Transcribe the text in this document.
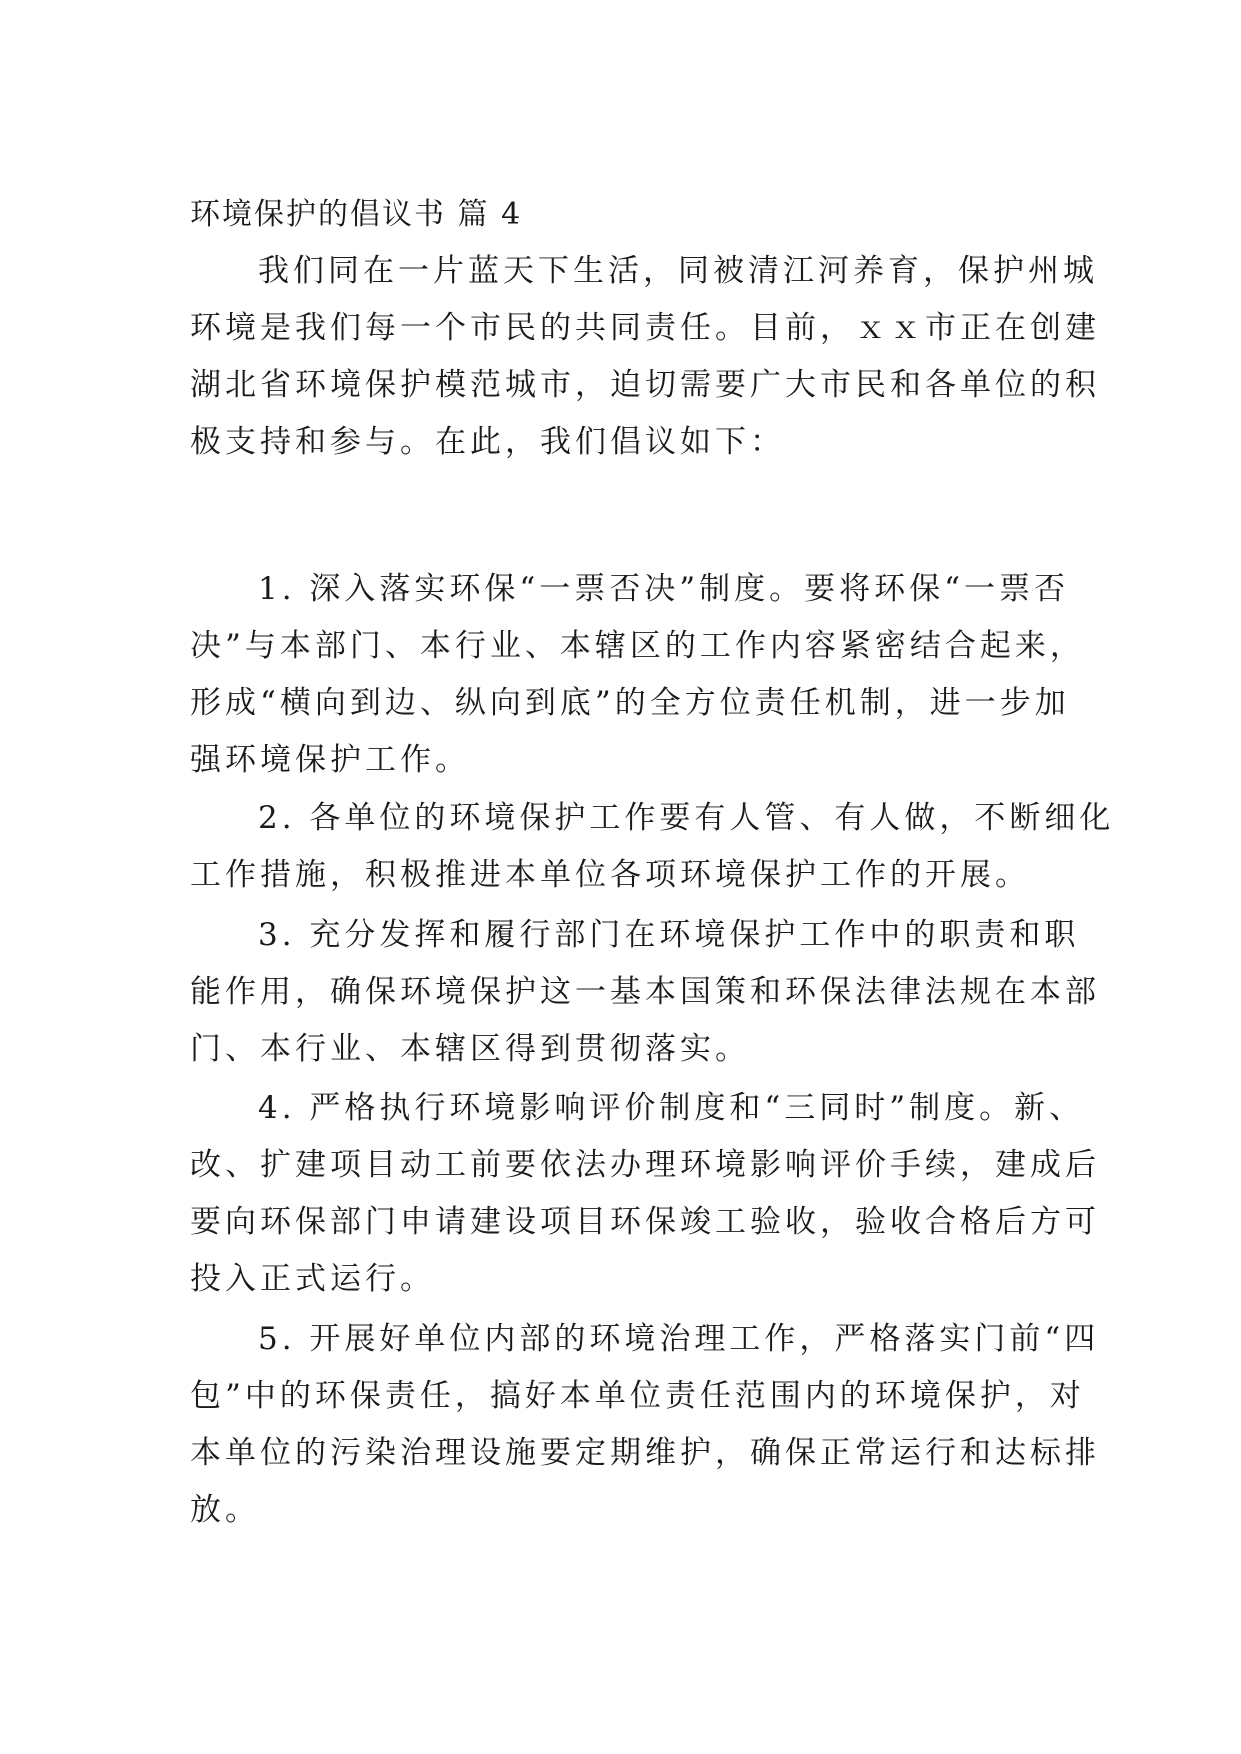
环境保护的倡议书 篇 4
我们同在一片蓝天下生活，同被清江河养育，保护州城
环境是我们每一个市民的共同责任。目前，ｘｘ市正在创建
湖北省环境保护模范城市，迫切需要广大市民和各单位的积
极支持和参与。在此，我们倡议如下：
1. 深入落实环保“一票否决”制度。要将环保“一票否
决”与本部门、本行业、本辖区的工作内容紧密结合起来，
形成“横向到边、纵向到底”的全方位责任机制，进一步加
强环境保护工作。
2. 各单位的环境保护工作要有人管、有人做，不断细化
工作措施，积极推进本单位各项环境保护工作的开展。
3. 充分发挥和履行部门在环境保护工作中的职责和职
能作用，确保环境保护这一基本国策和环保法律法规在本部
门、本行业、本辖区得到贯彻落实。
4. 严格执行环境影响评价制度和“三同时”制度。新、
改、扩建项目动工前要依法办理环境影响评价手续，建成后
要向环保部门申请建设项目环保竣工验收，验收合格后方可
投入正式运行。
5. 开展好单位内部的环境治理工作，严格落实门前“四
包”中的环保责任，搞好本单位责任范围内的环境保护，对
本单位的污染治理设施要定期维护，确保正常运行和达标排
放。
